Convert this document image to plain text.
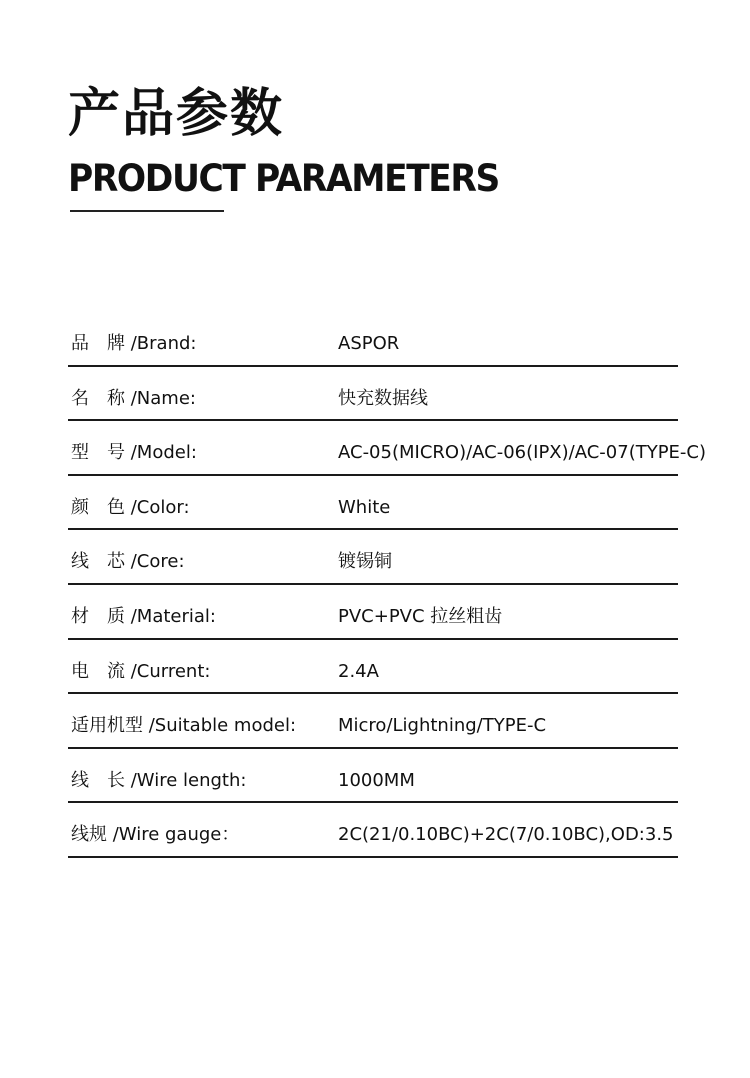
产品参数
PRODUCT PARAMETERS
品　牌 /Brand:	ASPOR
名　称 /Name:	快充数据线
型　号 /Model:	AC-05(MICRO)/AC-06(IPX)/AC-07(TYPE-C)
颜　色 /Color:	White
线　芯 /Core:	镀锡铜
材　质 /Material:	PVC+PVC 拉丝粗齿
电　流 /Current:	2.4A
适用机型 /Suitable model: Micro/Lightning/TYPE-C
线　长 /Wire length:	1000MM
线规 /Wire gauge：	2C(21/0.10BC)+2C(7/0.10BC),OD:3.5
